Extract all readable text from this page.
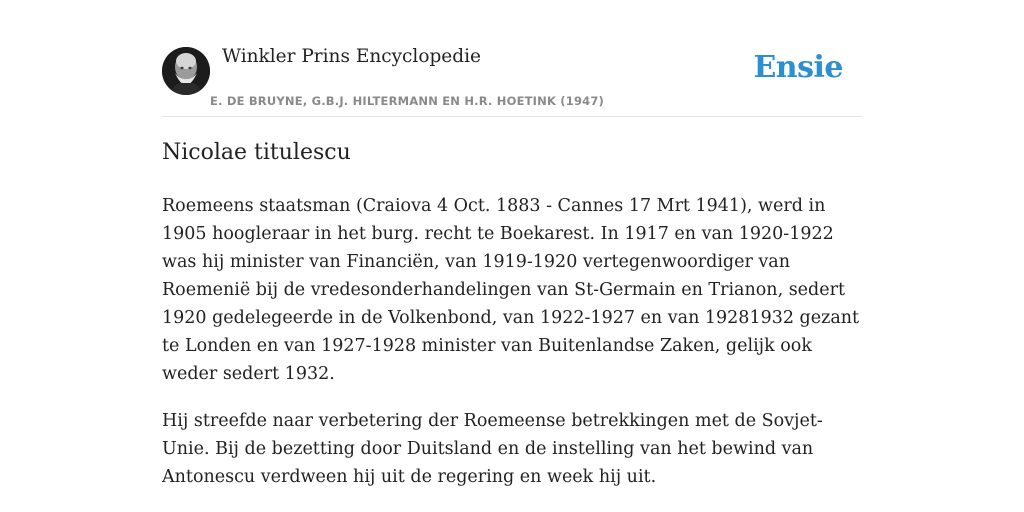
Winkler Prins Encyclopedie
E. DE BRUYNE, G.B.J. HILTERMANN EN H.R. HOETINK (1947)
Ensie
Nicolae titulescu

Roemeens staatsman (Craiova 4 Oct. 1883 - Cannes 17 Mrt 1941), werd in 1905 hoogleraar in het burg. recht te Boekarest. In 1917 en van 1920-1922 was hij minister van Financiën, van 1919-1920 vertegenwoordiger van Roemenië bij de vredesonderhandelingen van St-Germain en Trianon, sedert 1920 gedelegeerde in de Volkenbond, van 1922-1927 en van 19281932 gezant te Londen en van 1927-1928 minister van Buitenlandse Zaken, gelijk ook weder sedert 1932.

Hij streefde naar verbetering der Roemeense betrekkingen met de Sovjet-Unie. Bij de bezetting door Duitsland en de instelling van het bewind van Antonescu verdween hij uit de regering en week hij uit.
